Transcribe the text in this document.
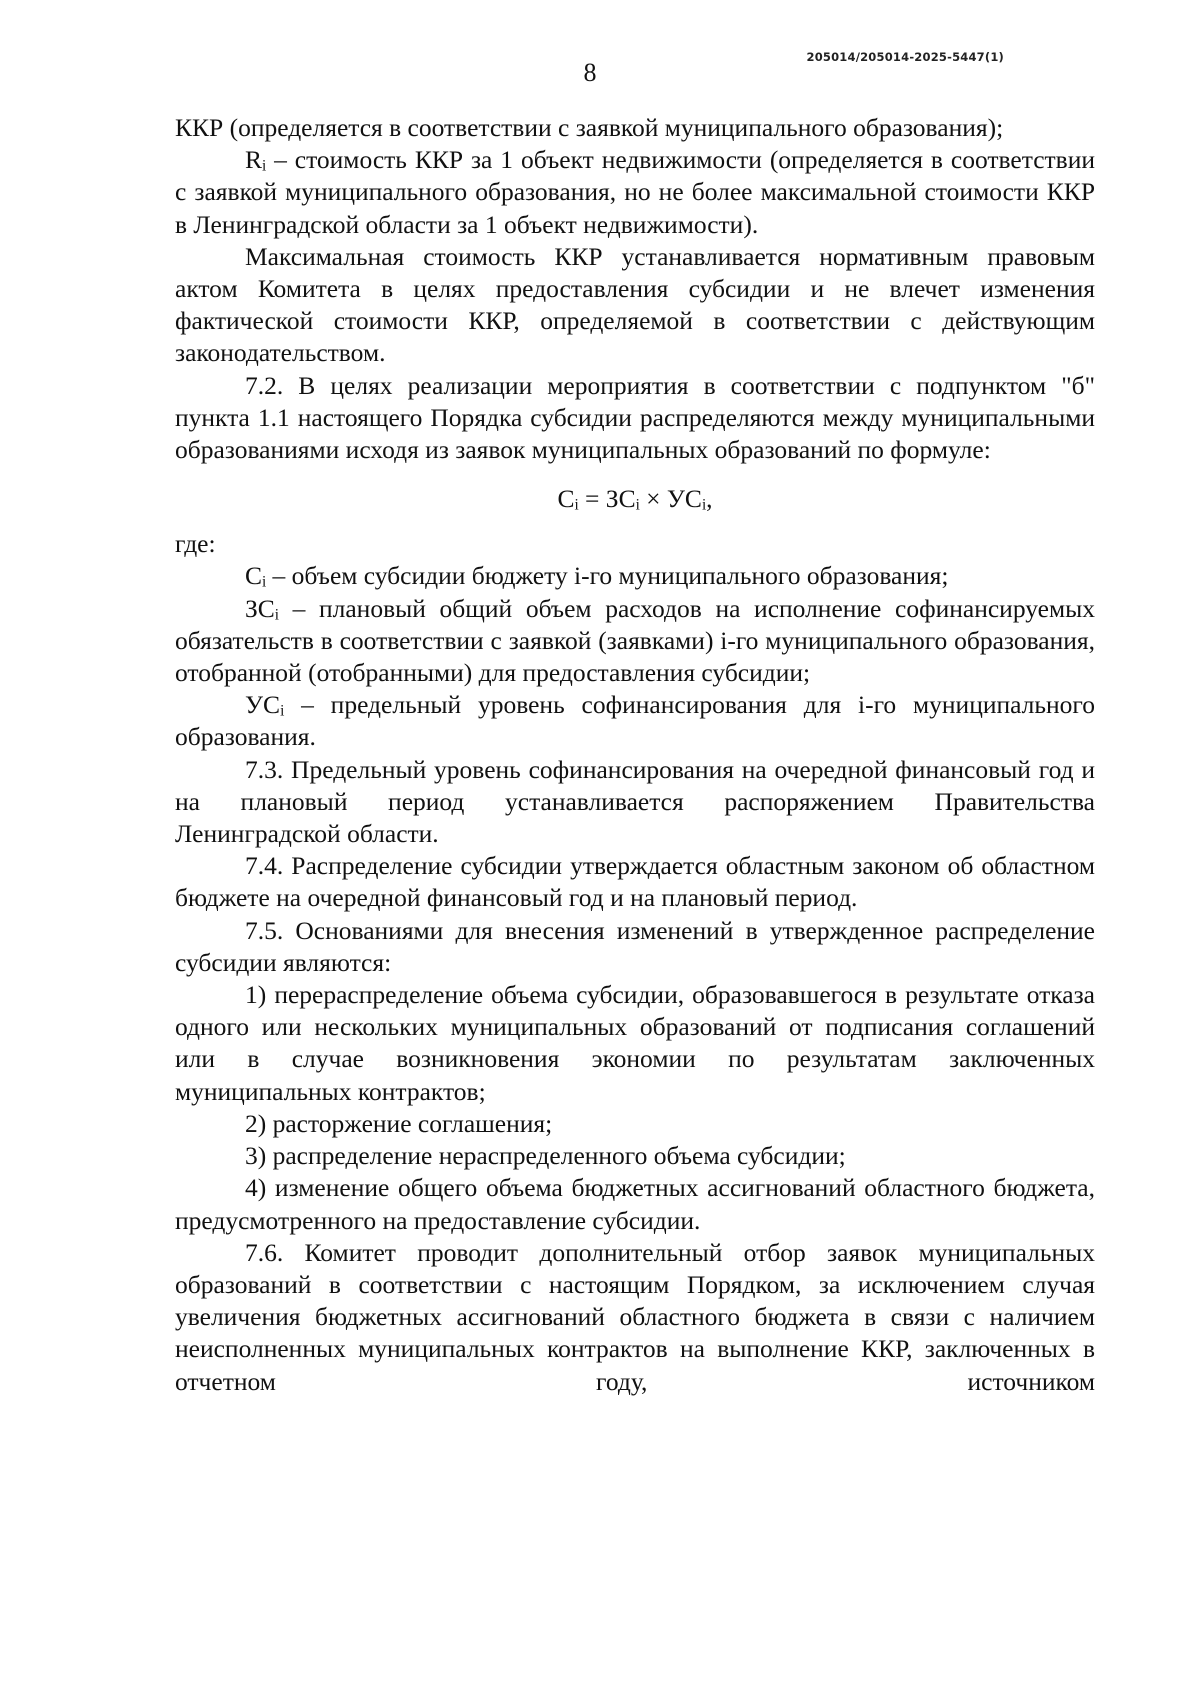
205014/205014-2025-5447(1)
8

ККР (определяется в соответствии с заявкой муниципального образования);

Rᵢ – стоимость ККР за 1 объект недвижимости (определяется в соответствии с заявкой муниципального образования, но не более максимальной стоимости ККР в Ленинградской области за 1 объект недвижимости).

Максимальная стоимость ККР устанавливается нормативным правовым актом Комитета в целях предоставления субсидии и не влечет изменения фактической стоимости ККР, определяемой в соответствии с действующим законодательством.

7.2. В целях реализации мероприятия в соответствии с подпунктом "б" пункта 1.1 настоящего Порядка субсидии распределяются между муниципальными образованиями исходя из заявок муниципальных образований по формуле:

Cᵢ = ЗCᵢ × УCᵢ,

где:

Cᵢ – объем субсидии бюджету i-го муниципального образования;

ЗCᵢ – плановый общий объем расходов на исполнение софинансируемых обязательств в соответствии с заявкой (заявками) i-го муниципального образования, отобранной (отобранными) для предоставления субсидии;

УCᵢ – предельный уровень софинансирования для i-го муниципального образования.

7.3. Предельный уровень софинансирования на очередной финансовый год и на плановый период устанавливается распоряжением Правительства Ленинградской области.

7.4. Распределение субсидии утверждается областным законом об областном бюджете на очередной финансовый год и на плановый период.

7.5. Основаниями для внесения изменений в утвержденное распределение субсидии являются:

1) перераспределение объема субсидии, образовавшегося в результате отказа одного или нескольких муниципальных образований от подписания соглашений или в случае возникновения экономии по результатам заключенных муниципальных контрактов;

2) расторжение соглашения;

3) распределение нераспределенного объема субсидии;

4) изменение общего объема бюджетных ассигнований областного бюджета, предусмотренного на предоставление субсидии.

7.6. Комитет проводит дополнительный отбор заявок муниципальных образований в соответствии с настоящим Порядком, за исключением случая увеличения бюджетных ассигнований областного бюджета в связи с наличием неисполненных муниципальных контрактов на выполнение ККР, заключенных в отчетном году, источником
